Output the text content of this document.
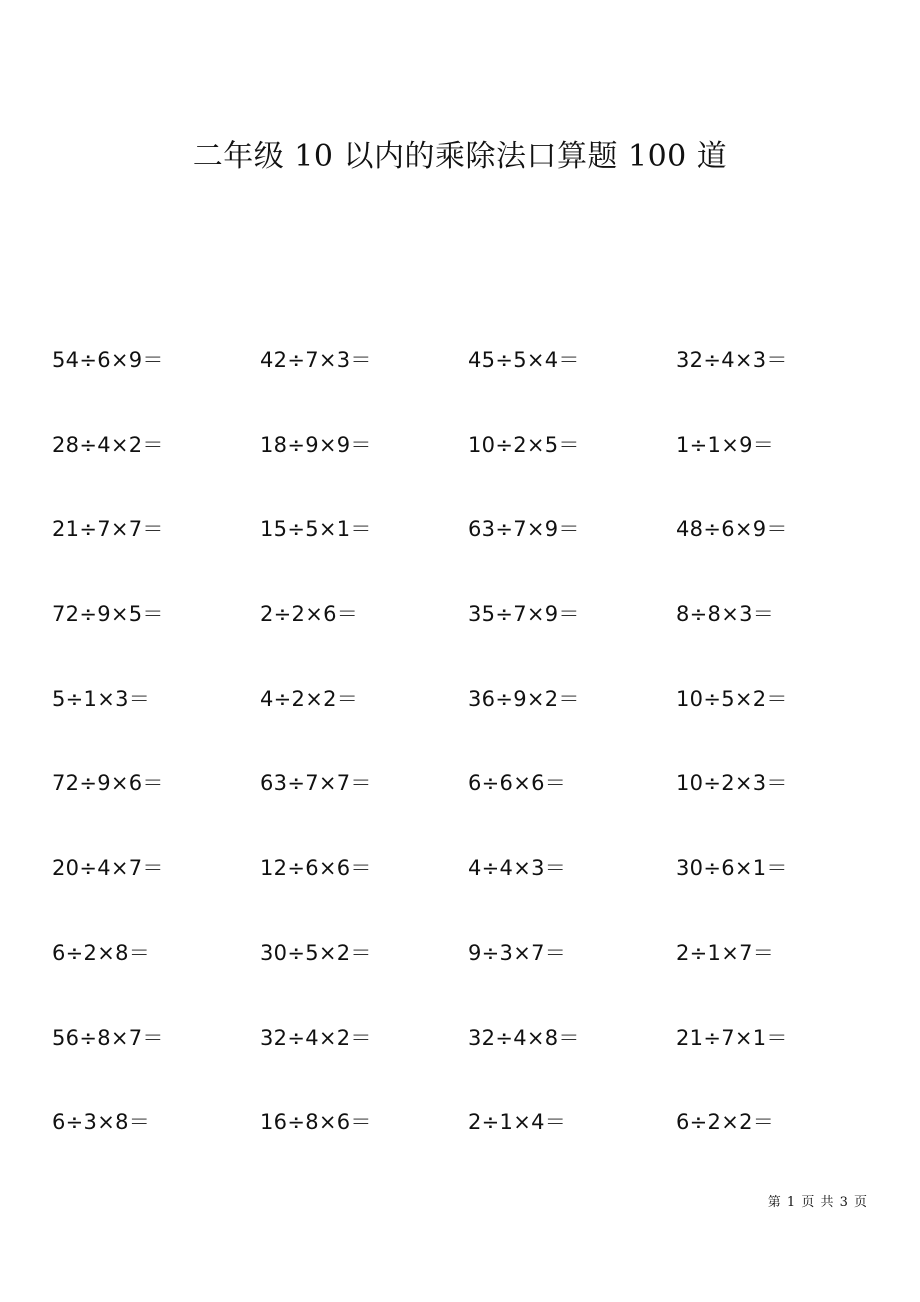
二年级 10 以内的乘除法口算题 100 道
54÷6×9＝	42÷7×3＝	45÷5×4＝	32÷4×3＝
28÷4×2＝	18÷9×9＝	10÷2×5＝	1÷1×9＝
21÷7×7＝	15÷5×1＝	63÷7×9＝	48÷6×9＝
72÷9×5＝	2÷2×6＝	35÷7×9＝	8÷8×3＝
5÷1×3＝	4÷2×2＝	36÷9×2＝	10÷5×2＝
72÷9×6＝	63÷7×7＝	6÷6×6＝	10÷2×3＝
20÷4×7＝	12÷6×6＝	4÷4×3＝	30÷6×1＝
6÷2×8＝	30÷5×2＝	9÷3×7＝	2÷1×7＝
56÷8×7＝	32÷4×2＝	32÷4×8＝	21÷7×1＝
6÷3×8＝	16÷8×6＝	2÷1×4＝	6÷2×2＝
第 1 页 共 3 页
